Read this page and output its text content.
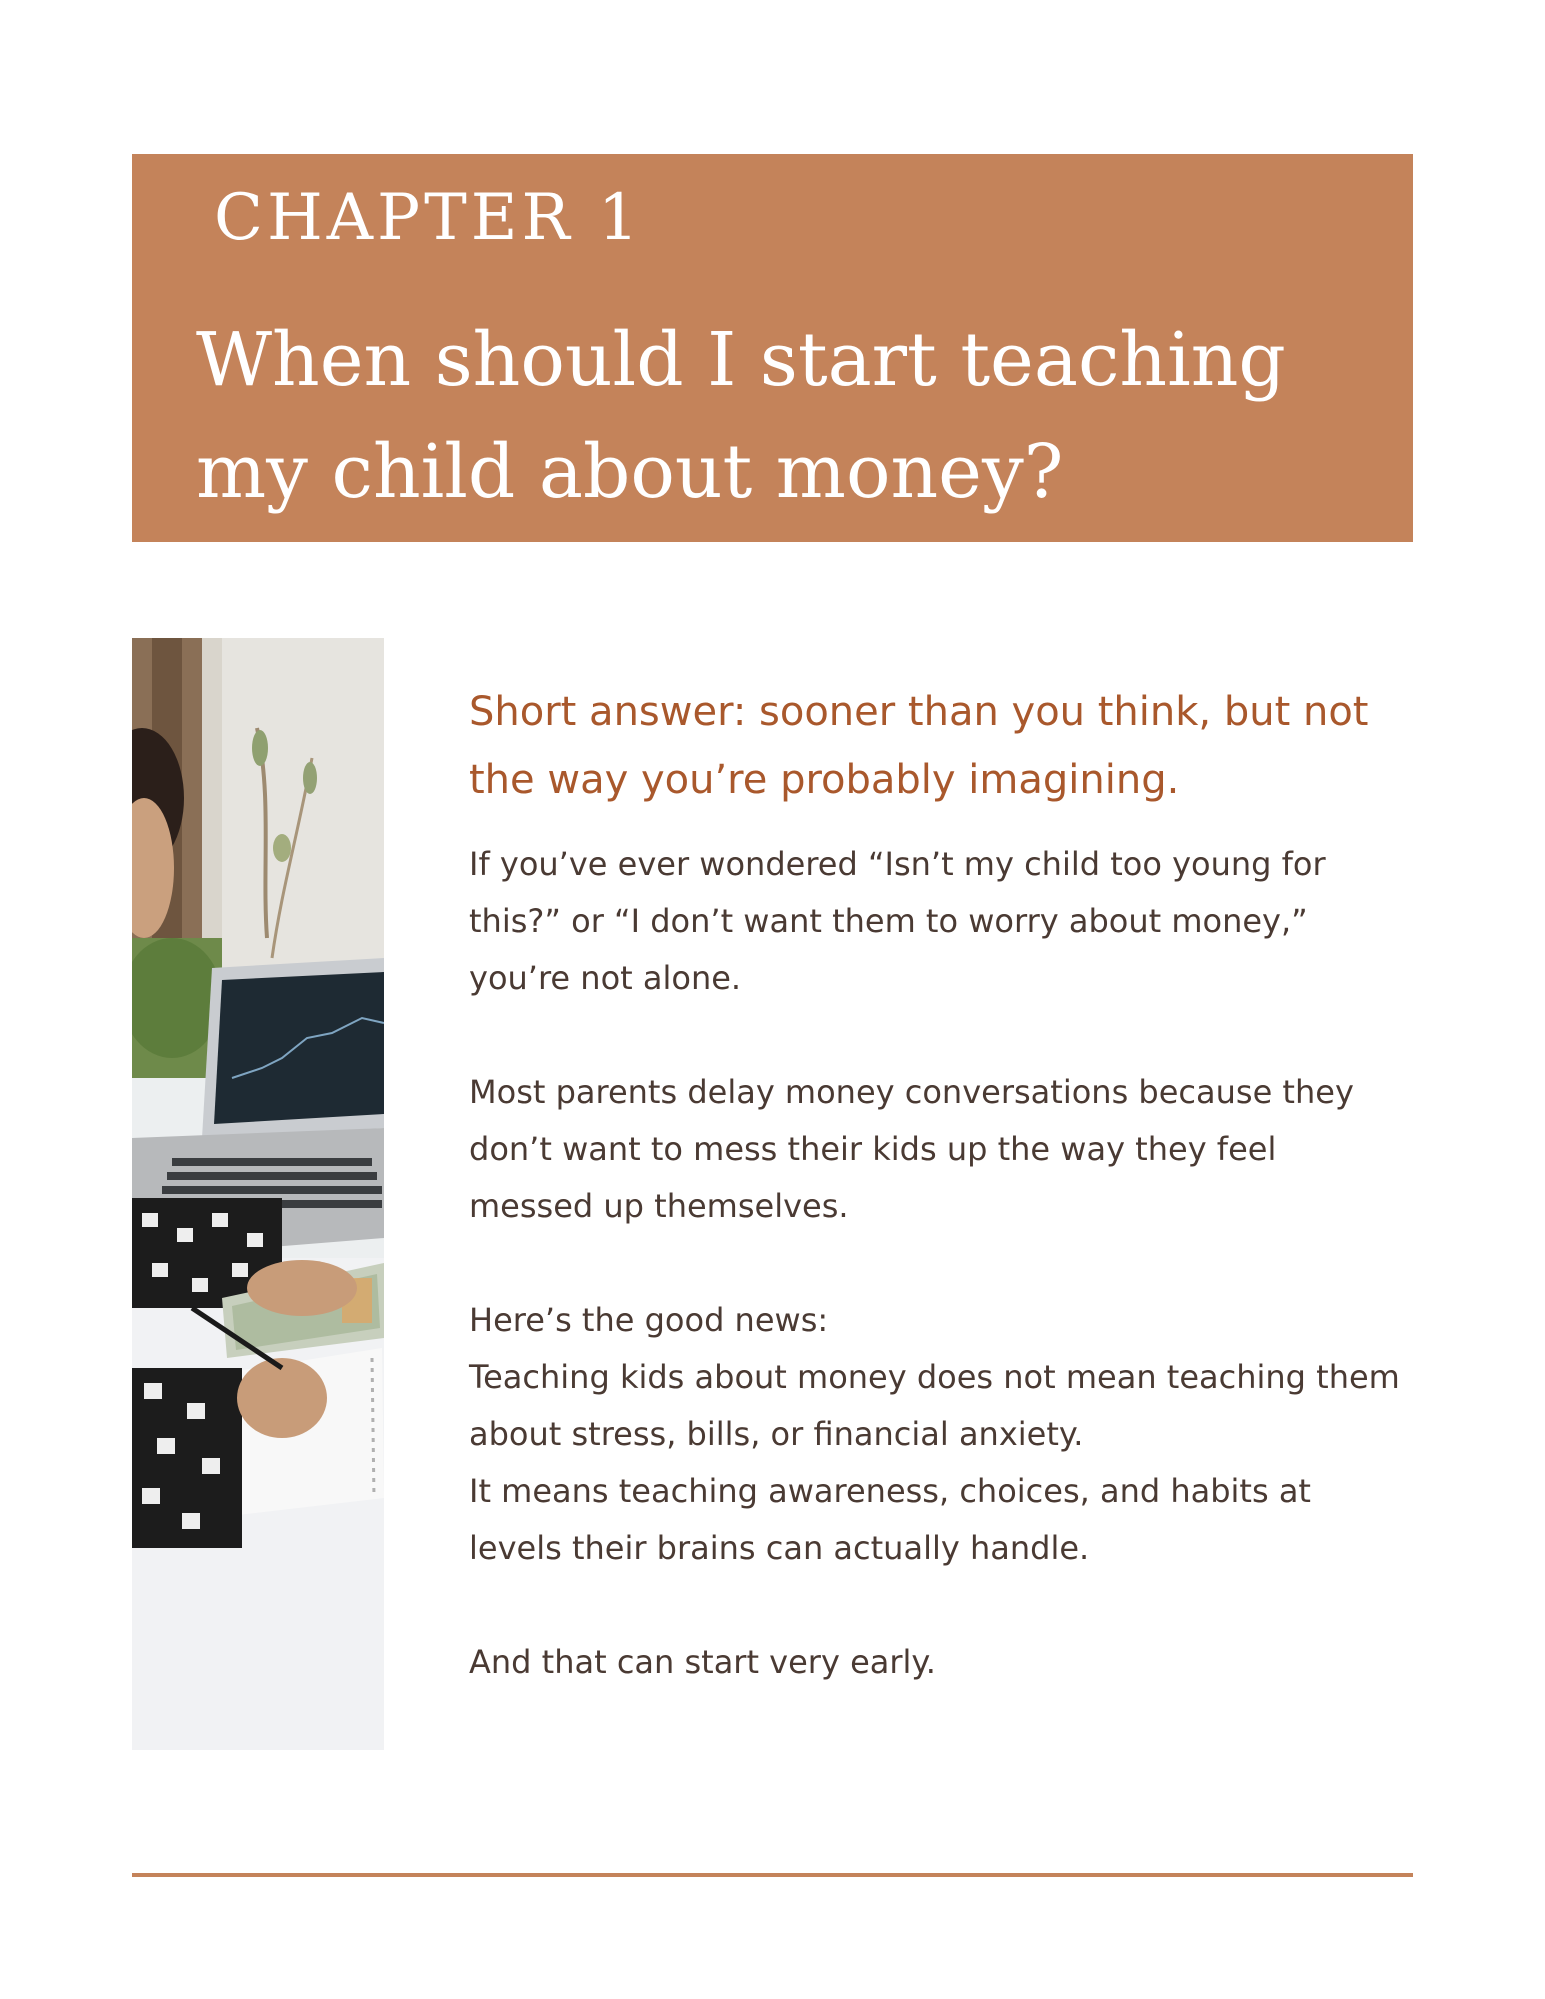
CHAPTER 1
When should I start teaching my child about money?
Short answer: sooner than you think, but not the way you’re probably imagining.

If you’ve ever wondered “Isn’t my child too young for this?” or “I don’t want them to worry about money,” you’re not alone.

Most parents delay money conversations because they don’t want to mess their kids up the way they feel messed up themselves.

Here’s the good news:

Teaching kids about money does not mean teaching them about stress, bills, or financial anxiety.

It means teaching awareness, choices, and habits at levels their brains can actually handle.

And that can start very early.
